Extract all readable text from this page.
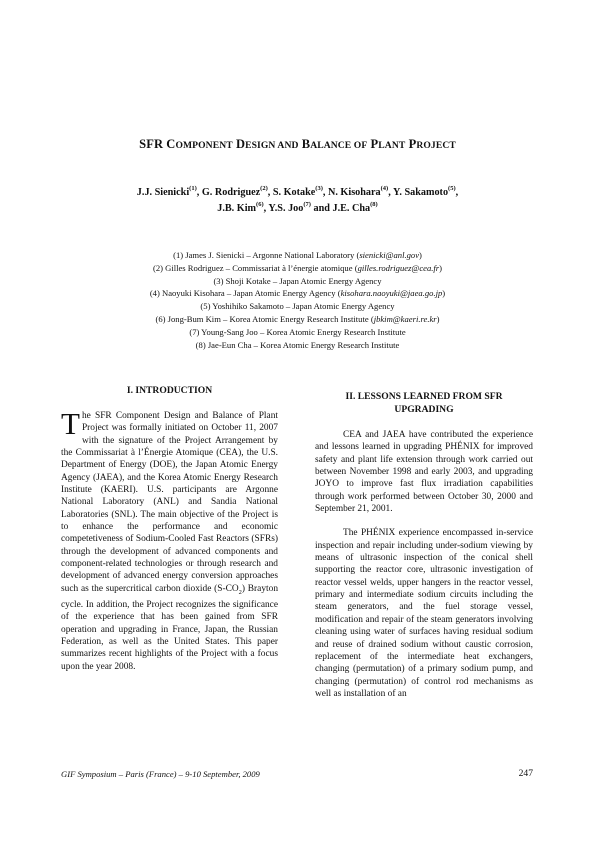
SFR COMPONENT DESIGN AND BALANCE OF PLANT PROJECT
J.J. Sienicki$^{(1)}$, G. Rodriguez$^{(2)}$, S. Kotake$^{(3)}$, N. Kisohara$^{(4)}$, Y. Sakamoto$^{(5)}$,
J.B. Kim$^{(6)}$, Y.S. Joo$^{(7)}$ and J.E. Cha$^{(8)}$
(1) James J. Sienicki – Argonne National Laboratory (sienicki@anl.gov)
(2) Gilles Rodriguez – Commissariat à l’énergie atomique (gilles.rodriguez@cea.fr)
(3) Shoji Kotake – Japan Atomic Energy Agency
(4) Naoyuki Kisohara – Japan Atomic Energy Agency (kisohara.naoyuki@jaea.go.jp)
(5) Yoshihiko Sakamoto – Japan Atomic Energy Agency
(6) Jong-Bum Kim – Korea Atomic Energy Research Institute (jbkim@kaeri.re.kr)
(7) Young-Sang Joo – Korea Atomic Energy Research Institute
(8) Jae-Eun Cha – Korea Atomic Energy Research Institute
I. INTRODUCTION

The SFR Component Design and Balance of Plant Project was formally initiated on October 11, 2007 with the signature of the Project Arrangement by the Commissariat à l’Énergie Atomique (CEA), the U.S. Department of Energy (DOE), the Japan Atomic Energy Agency (JAEA), and the Korea Atomic Energy Research Institute (KAERI). U.S. participants are Argonne National Laboratory (ANL) and Sandia National Laboratories (SNL). The main objective of the Project is to enhance the performance and economic competetiveness of Sodium-Cooled Fast Reactors (SFRs) through the development of advanced components and component-related technologies or through research and development of advanced energy conversion approaches such as the supercritical carbon dioxide $(S-CO_2)$ Brayton cycle. In addition, the Project recognizes the significance of the experience that has been gained from SFR operation and upgrading in France, Japan, the Russian Federation, as well as the United States. This paper summarizes recent highlights of the Project with a focus upon the year 2008.

II. LESSONS LEARNED FROM SFR UPGRADING

CEA and JAEA have contributed the experience and lessons learned in upgrading PHÉNIX for improved safety and plant life extension through work carried out between November 1998 and early 2003, and upgrading JOYO to improve fast flux irradiation capabilities through work performed between October 30, 2000 and September 21, 2001.

The PHÉNIX experience encompassed in-service inspection and repair including under-sodium viewing by means of ultrasonic inspection of the conical shell supporting the reactor core, ultrasonic investigation of reactor vessel welds, upper hangers in the reactor vessel, primary and intermediate sodium circuits including the steam generators, and the fuel storage vessel, modification and repair of the steam generators involving cleaning using water of surfaces having residual sodium and reuse of drained sodium without caustic corrosion, replacement of the intermediate heat exchangers, changing (permutation) of a primary sodium pump, and changing (permutation) of control rod mechanisms as well as installation of an

GIF Symposium – Paris (France) – 9-10 September, 2009	247
